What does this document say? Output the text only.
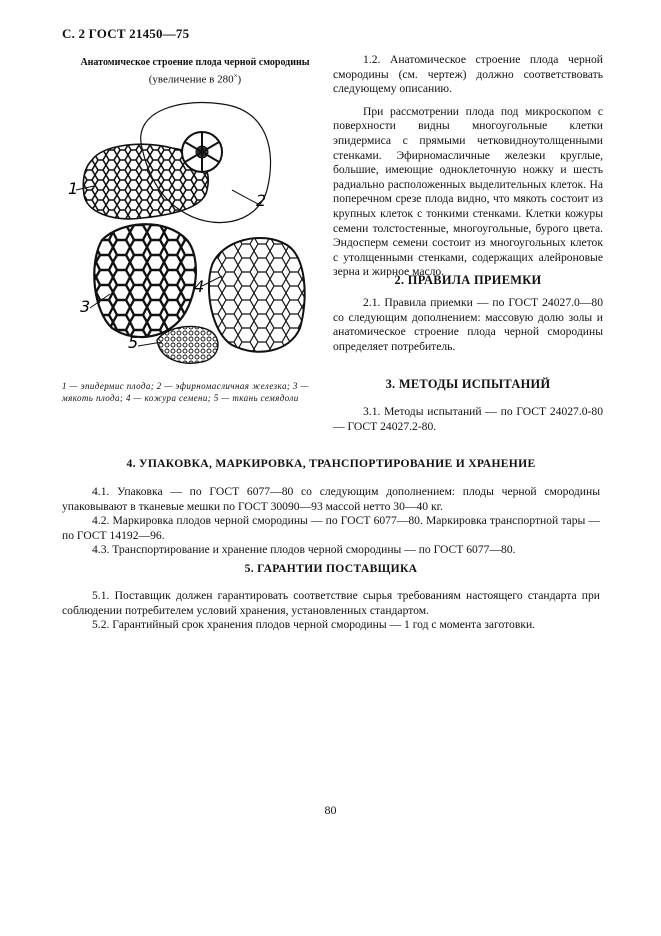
С. 2 ГОСТ 21450—75
Анатомическое строение плода черной смородины
(увеличение в 280×)
1
2
3
4
5
1 — эпидермис плода; 2 — эфирномасличная железка; 3 — мякоть плода; 4 — кожура семени; 5 — ткань семядоли

1.2. Анатомическое строение плода черной смородины (см. чертеж) должно соответствовать следующему описанию.

При рассмотрении плода под микроскопом с поверхности видны многоугольные клетки эпидермиса с прямыми четковидноутолщенными стенками. Эфирномасличные железки круглые, большие, имеющие одноклеточную ножку и шесть радиально расположенных выделительных клеток. На поперечном срезе плода видно, что мякоть состоит из крупных клеток с тонкими стенками. Клетки кожуры семени толстостенные, многоугольные, бурого цвета. Эндосперм семени состоит из многоугольных клеток с утолщенными стенками, содержащих алейроновые зерна и жирное масло.

2. ПРАВИЛА ПРИЕМКИ

2.1. Правила приемки — по ГОСТ 24027.0—80 со следующим дополнением: массовую долю золы и анатомическое строение плода черной смородины определяет потребитель.

3. МЕТОДЫ ИСПЫТАНИЙ

3.1. Методы испытаний — по ГОСТ 24027.0-80 — ГОСТ 24027.2-80.

4. УПАКОВКА, МАРКИРОВКА, ТРАНСПОРТИРОВАНИЕ И ХРАНЕНИЕ

4.1. Упаковка — по ГОСТ 6077—80 со следующим дополнением: плоды черной смородины упаковывают в тканевые мешки по ГОСТ 30090—93 массой нетто 30—40 кг.

4.2. Маркировка плодов черной смородины — по ГОСТ 6077—80. Маркировка транспортной тары — по ГОСТ 14192—96.

4.3. Транспортирование и хранение плодов черной смородины — по ГОСТ 6077—80.

5. ГАРАНТИИ ПОСТАВЩИКА

5.1. Поставщик должен гарантировать соответствие сырья требованиям настоящего стандарта при соблюдении потребителем условий хранения, установленных стандартом.

5.2. Гарантийный срок хранения плодов черной смородины — 1 год с момента заготовки.

80
